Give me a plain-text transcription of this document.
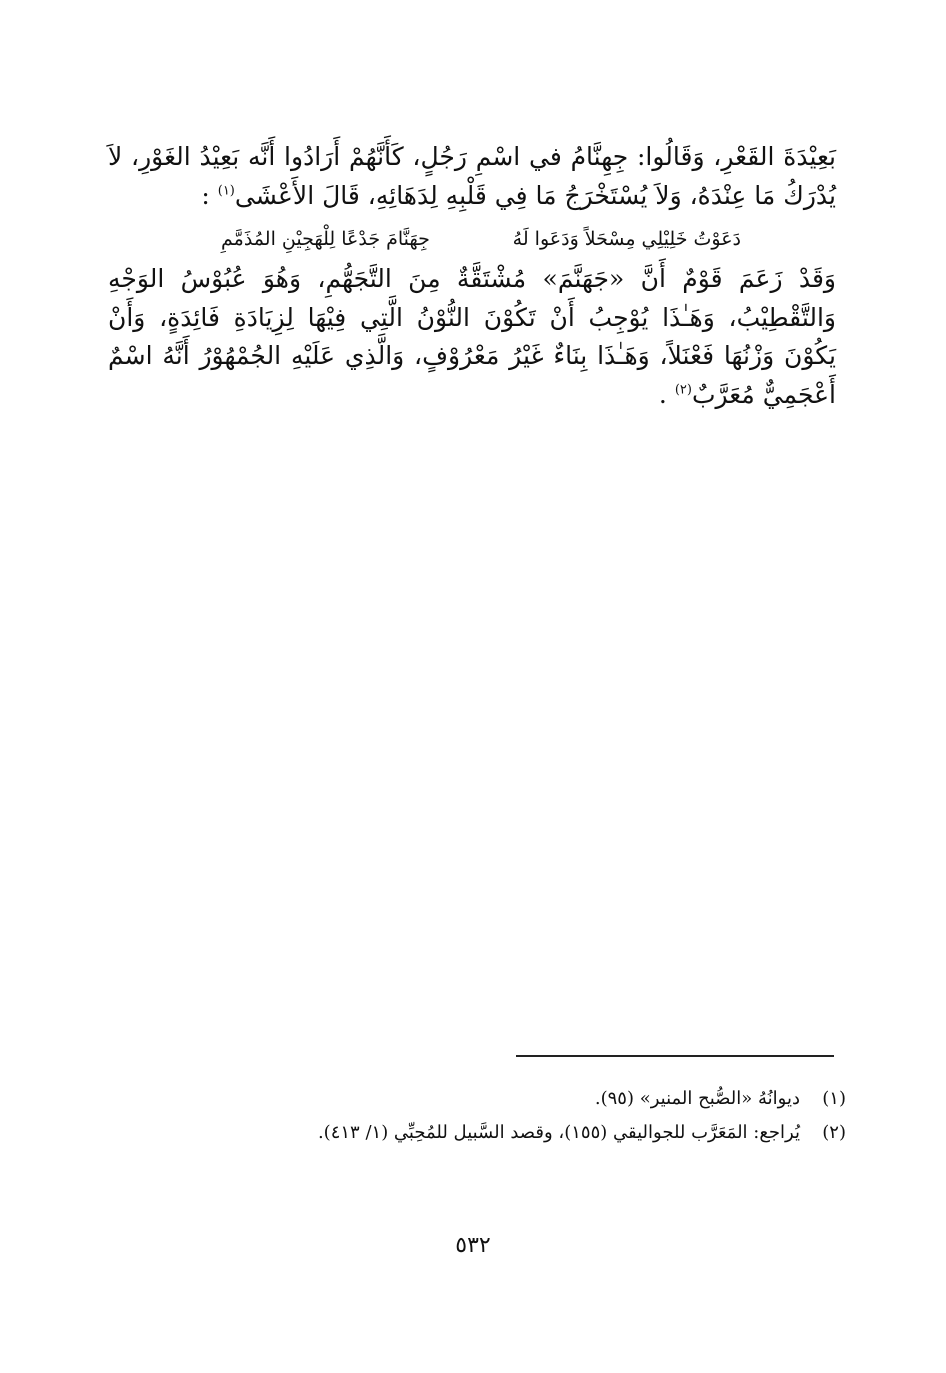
بَعِيْدَةَ القَعْرِ، وَقَالُوا: جِهِنَّامُ في اسْمِ رَجُلٍ، كَأَنَّهُمْ أَرَادُوا أَنَّه بَعِيْدُ الغَوْرِ، لاَ يُدْرَكُ مَا عِنْدَهُ، وَلاَ يُسْتَخْرَجُ مَا فِي قَلْبِهِ لِدَهَائِهِ، قَالَ الأَعْشَى$^{(١)}$ :

دَعَوْتُ خَلِيْلِي مِسْحَلاً وَدَعَوا لَهُ
جِهَنَّامَ جَدْعًا لِلْهَجِيْنِ المُذَمَّمِ

وَقَدْ زَعَمَ قَوْمٌ أَنَّ «جَهَنَّمَ» مُشْتَقَّةٌ مِنَ التَّجَهُّمِ، وَهُوَ عُبُوْسُ الوَجْهِ وَالتَّقْطِيْبُ، وَهَـٰذَا يُوْجِبُ أَنْ تَكُوْنَ النُّوْنُ الَّتِي فِيْهَا لِزِيَادَةِ فَائِدَةٍ، وَأَنْ يَكُوْنَ وَزْنُهَا فَعْنَلاً، وَهَـٰذَا بِنَاءٌ غَيْرُ مَعْرُوْفٍ، وَالَّذِي عَلَيْهِ الجُمْهُوْرُ أَنَّهُ اسْمٌ أَعْجَمِيٌّ مُعَرَّبٌ$^{(٢)}$ .

(١)
ديوانُهُ «الصُّبح المنير» (٩٥).
(٢)
يُراجع: المَعَرَّب للجواليقي (١٥٥)، وقصد السَّبيل للمُحِبِّي (١/ ٤١٣).
٥٣٢
